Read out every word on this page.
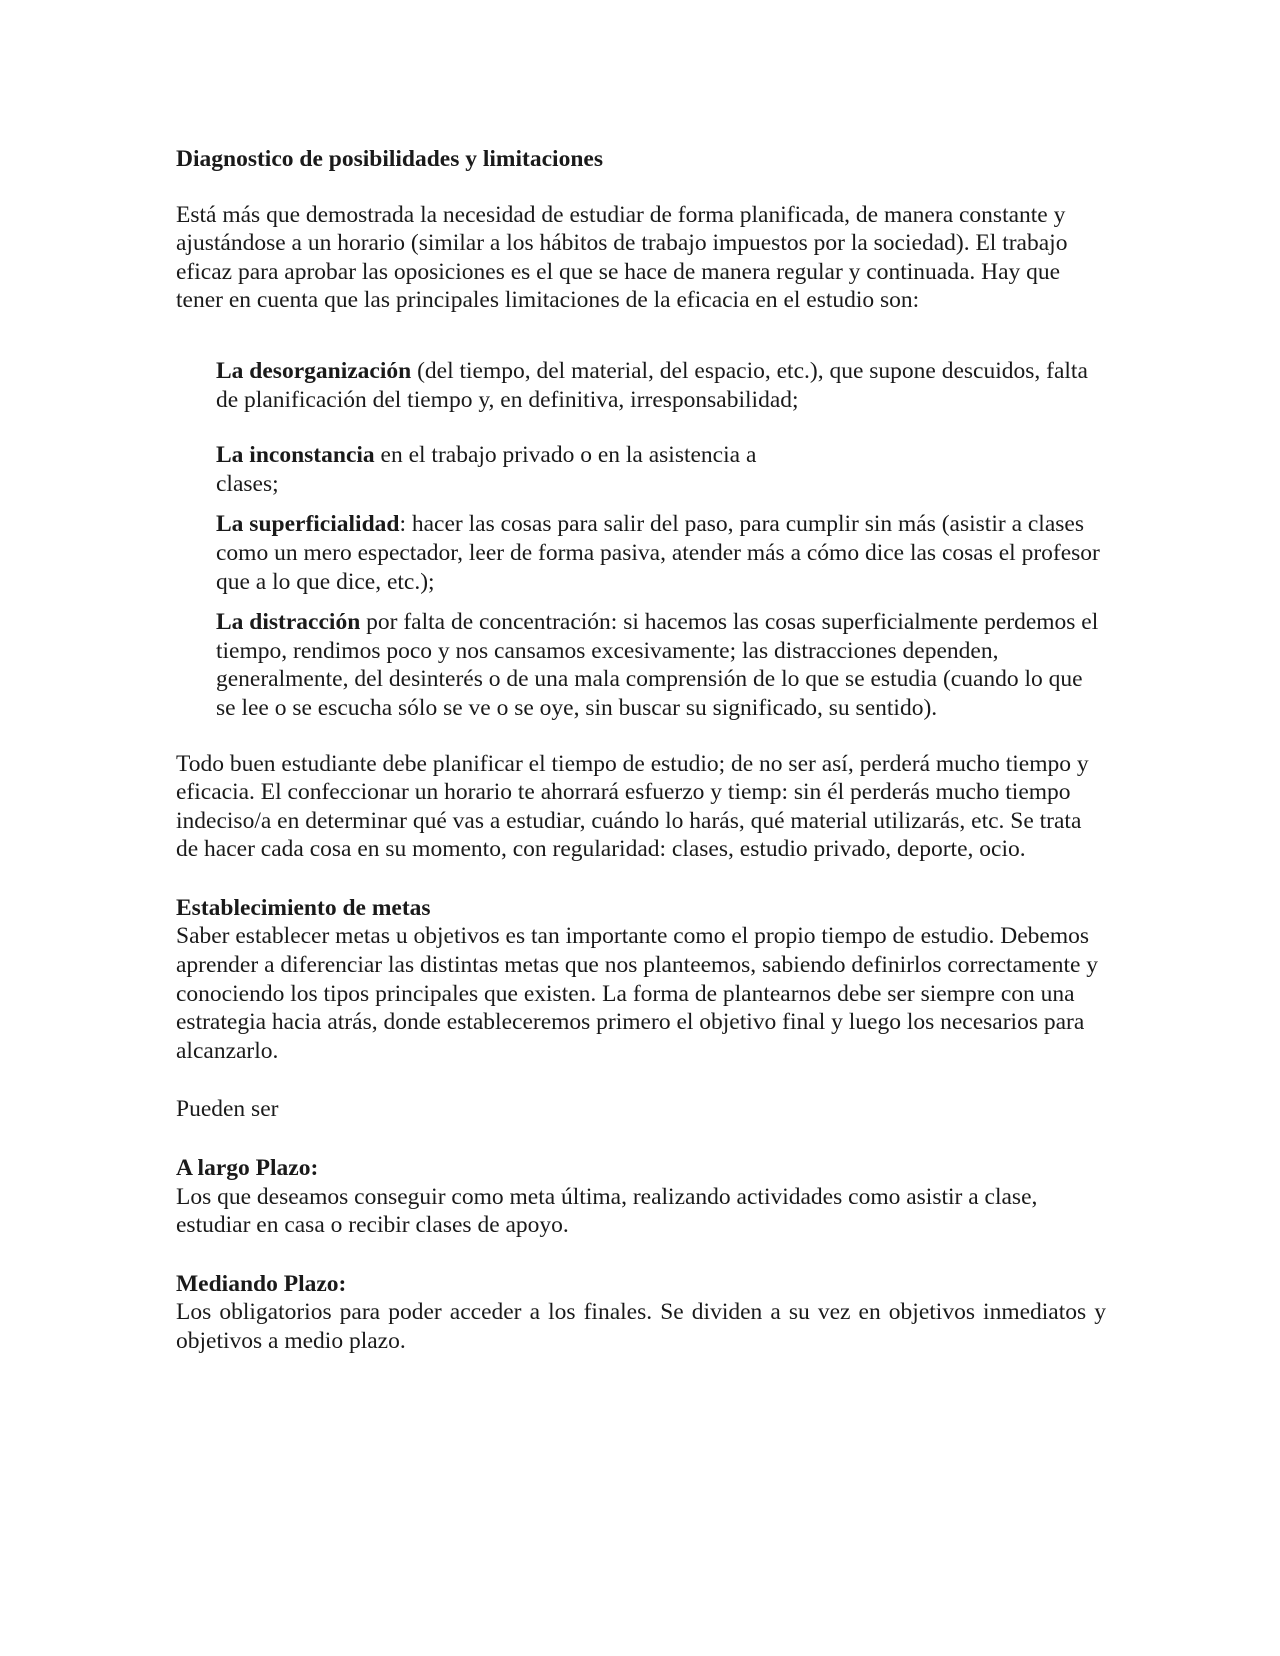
Diagnostico de posibilidades y limitaciones

Está más que demostrada la necesidad de estudiar de forma planificada, de manera constante y ajustándose a un horario (similar a los hábitos de trabajo impuestos por la sociedad). El trabajo eficaz para aprobar las oposiciones es el que se hace de manera regular y continuada. Hay que tener en cuenta que las principales limitaciones de la eficacia en el estudio son:

La desorganización (del tiempo, del material, del espacio, etc.), que supone descuidos, falta de planificación del tiempo y, en definitiva, irresponsabilidad;

La inconstancia en el trabajo privado o en la asistencia a clases;

La superficialidad: hacer las cosas para salir del paso, para cumplir sin más (asistir a clases como un mero espectador, leer de forma pasiva, atender más a cómo dice las cosas el profesor que a lo que dice, etc.);

La distracción por falta de concentración: si hacemos las cosas superficialmente perdemos el tiempo, rendimos poco y nos cansamos excesivamente; las distracciones dependen, generalmente, del desinterés o de una mala comprensión de lo que se estudia (cuando lo que se lee o se escucha sólo se ve o se oye, sin buscar su significado, su sentido).

Todo buen estudiante debe planificar el tiempo de estudio; de no ser así, perderá mucho tiempo y eficacia. El confeccionar un horario te ahorrará esfuerzo y tiemp: sin él perderás mucho tiempo indeciso/a en determinar qué vas a estudiar, cuándo lo harás, qué material utilizarás, etc. Se trata de hacer cada cosa en su momento, con regularidad: clases, estudio privado, deporte, ocio.

Establecimiento de metas

Saber establecer metas u objetivos es tan importante como el propio tiempo de estudio. Debemos aprender a diferenciar las distintas metas que nos planteemos, sabiendo definirlos correctamente y conociendo los tipos principales que existen. La forma de plantearnos debe ser siempre con una estrategia hacia atrás, donde estableceremos primero el objetivo final y luego los necesarios para alcanzarlo.

Pueden ser

A largo Plazo:

Los que deseamos conseguir como meta última, realizando actividades como asistir a clase, estudiar en casa o recibir clases de apoyo.

Mediando Plazo:

Los obligatorios para poder acceder a los finales. Se dividen a su vez en objetivos inmediatos y objetivos a medio plazo.
